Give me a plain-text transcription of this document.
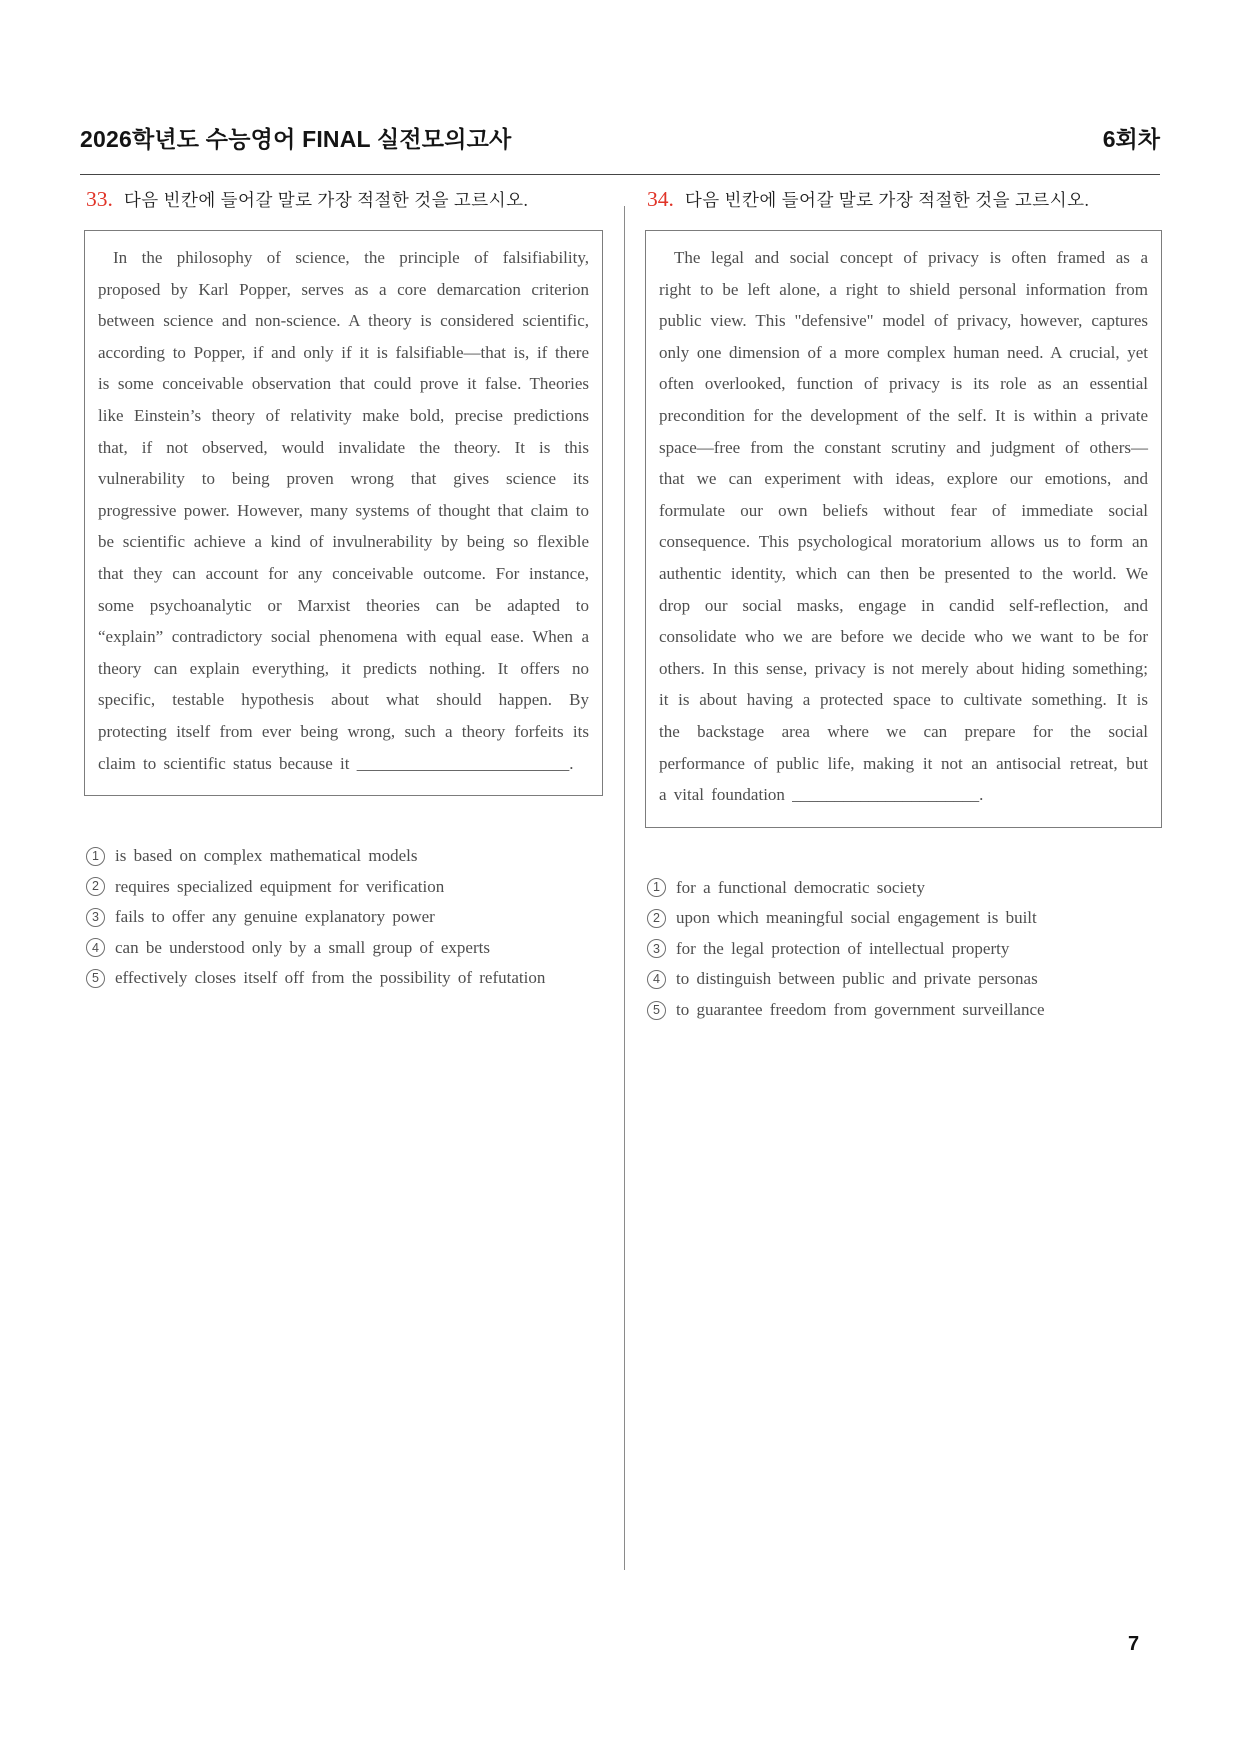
2026학년도 수능영어 FINAL 실전모의고사	6회차
33. 다음 빈칸에 들어갈 말로 가장 적절한 것을 고르시오.

In the philosophy of science, the principle of falsifiability, proposed by Karl Popper, serves as a core demarcation criterion between science and non-science. A theory is considered scientific, according to Popper, if and only if it is falsifiable—that is, if there is some conceivable observation that could prove it false. Theories like Einstein’s theory of relativity make bold, precise predictions that, if not observed, would invalidate the theory. It is this vulnerability to being proven wrong that gives science its progressive power. However, many systems of thought that claim to be scientific achieve a kind of invulnerability by being so flexible that they can account for any conceivable outcome. For instance, some psychoanalytic or Marxist theories can be adapted to “explain” contradictory social phenomena with equal ease. When a theory can explain everything, it predicts nothing. It offers no specific, testable hypothesis about what should happen. By protecting itself from ever being wrong, such a theory forfeits its claim to scientific status because it _________________________.

1 is based on complex mathematical models
2 requires specialized equipment for verification
3 fails to offer any genuine explanatory power
4 can be understood only by a small group of experts
5 effectively closes itself off from the possibility of refutation
34. 다음 빈칸에 들어갈 말로 가장 적절한 것을 고르시오.

The legal and social concept of privacy is often framed as a right to be left alone, a right to shield personal information from public view. This "defensive" model of privacy, however, captures only one dimension of a more complex human need. A crucial, yet often overlooked, function of privacy is its role as an essential precondition for the development of the self. It is within a private space—free from the constant scrutiny and judgment of others—that we can experiment with ideas, explore our emotions, and formulate our own beliefs without fear of immediate social consequence. This psychological moratorium allows us to form an authentic identity, which can then be presented to the world. We drop our social masks, engage in candid self-reflection, and consolidate who we are before we decide who we want to be for others. In this sense, privacy is not merely about hiding something; it is about having a protected space to cultivate something. It is the backstage area where we can prepare for the social performance of public life, making it not an antisocial retreat, but a vital foundation ______________________.

1 for a functional democratic society
2 upon which meaningful social engagement is built
3 for the legal protection of intellectual property
4 to distinguish between public and private personas
5 to guarantee freedom from government surveillance
7
